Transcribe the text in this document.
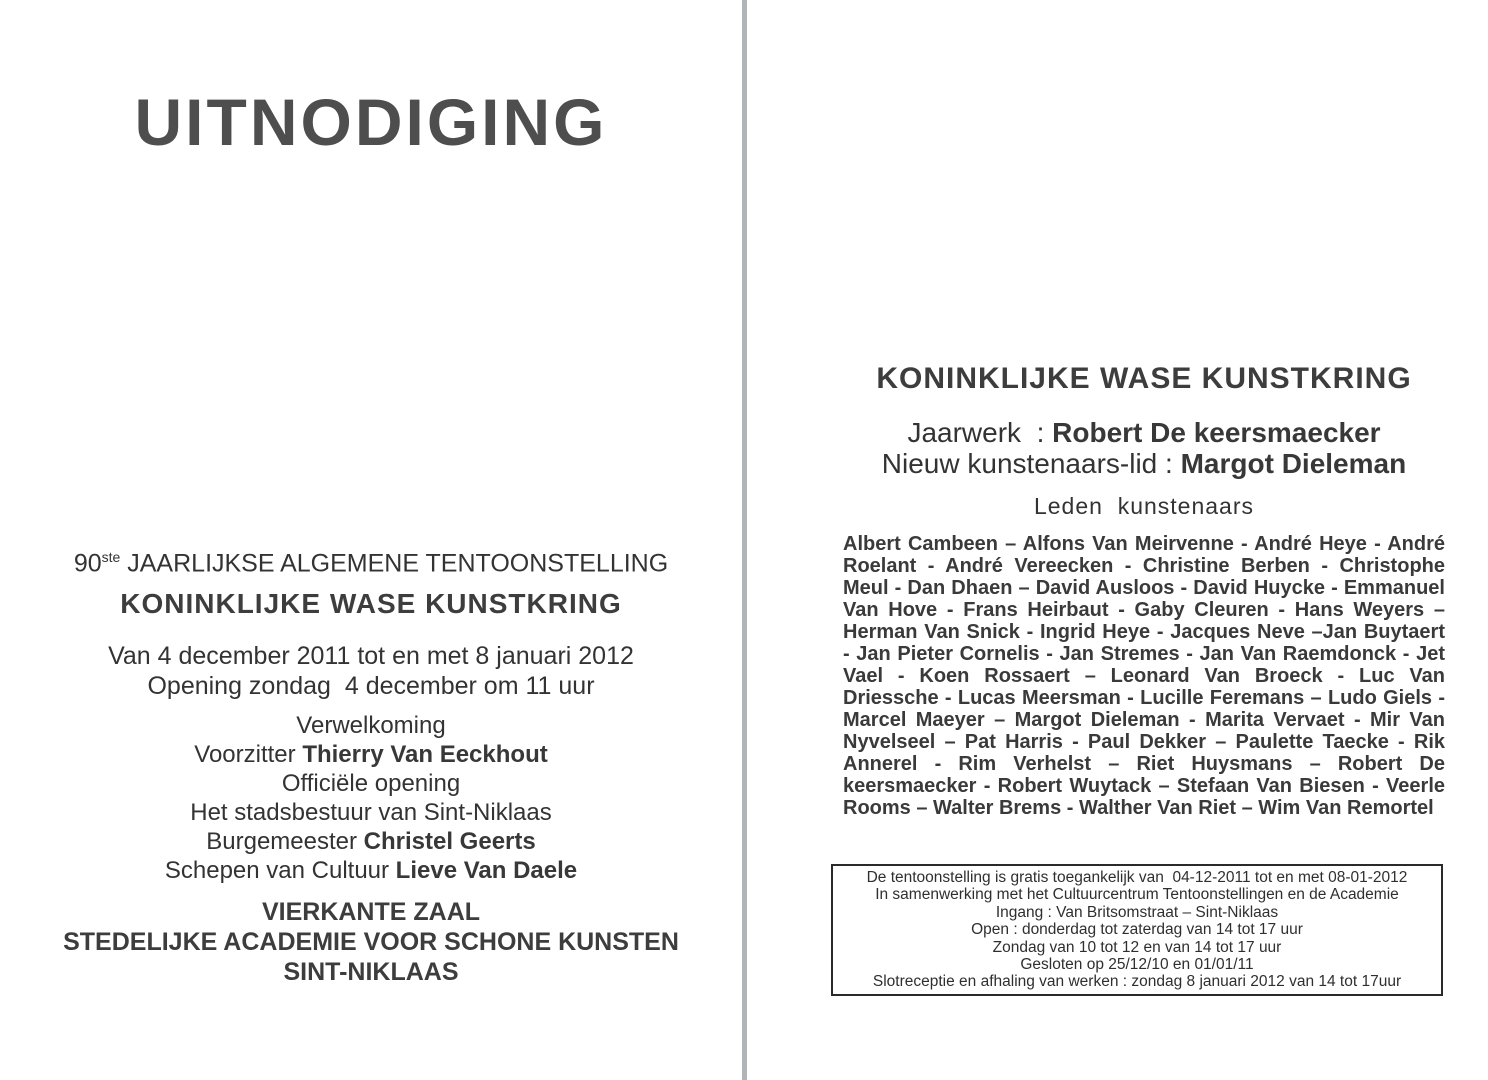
UITNODIGING
90ste JAARLIJKSE ALGEMENE TENTOONSTELLING
KONINKLIJKE WASE KUNSTKRING
Van 4 december 2011 tot en met 8 januari 2012
Opening zondag  4 december om 11 uur
Verwelkoming
Voorzitter Thierry Van Eeckhout
Officiële opening
Het stadsbestuur van Sint-Niklaas
Burgemeester Christel Geerts
Schepen van Cultuur Lieve Van Daele
VIERKANTE ZAAL
STEDELIJKE ACADEMIE VOOR SCHONE KUNSTEN
SINT-NIKLAAS
KONINKLIJKE WASE KUNSTKRING
Jaarwerk  : Robert De keersmaecker
Nieuw kunstenaars-lid : Margot Dieleman
Leden  kunstenaars
Albert Cambeen – Alfons Van Meirvenne - André Heye - André Roelant - André Vereecken - Christine Berben - Christophe Meul - Dan Dhaen – David Ausloos - David Huycke - Emmanuel Van Hove - Frans Heirbaut - Gaby Cleuren - Hans Weyers – Herman Van Snick - Ingrid Heye - Jacques Neve –Jan Buytaert - Jan Pieter Cornelis - Jan Stremes - Jan Van Raemdonck - Jet Vael - Koen Rossaert – Leonard Van Broeck - Luc Van Driessche - Lucas Meersman - Lucille Feremans – Ludo Giels - Marcel Maeyer – Margot Dieleman - Marita Vervaet - Mir Van Nyvelseel – Pat Harris - Paul Dekker – Paulette Taecke - Rik Annerel - Rim Verhelst – Riet Huysmans – Robert De keersmaecker - Robert Wuytack – Stefaan Van Biesen - Veerle Rooms – Walter Brems - Walther Van Riet – Wim Van Remortel
De tentoonstelling is gratis toegankelijk van  04-12-2011 tot en met 08-01-2012
In samenwerking met het Cultuurcentrum Tentoonstellingen en de Academie
Ingang : Van Britsomstraat – Sint-Niklaas
Open : donderdag tot zaterdag van 14 tot 17 uur
Zondag van 10 tot 12 en van 14 tot 17 uur
Gesloten op 25/12/10 en 01/01/11
Slotreceptie en afhaling van werken : zondag 8 januari 2012 van 14 tot 17uur
